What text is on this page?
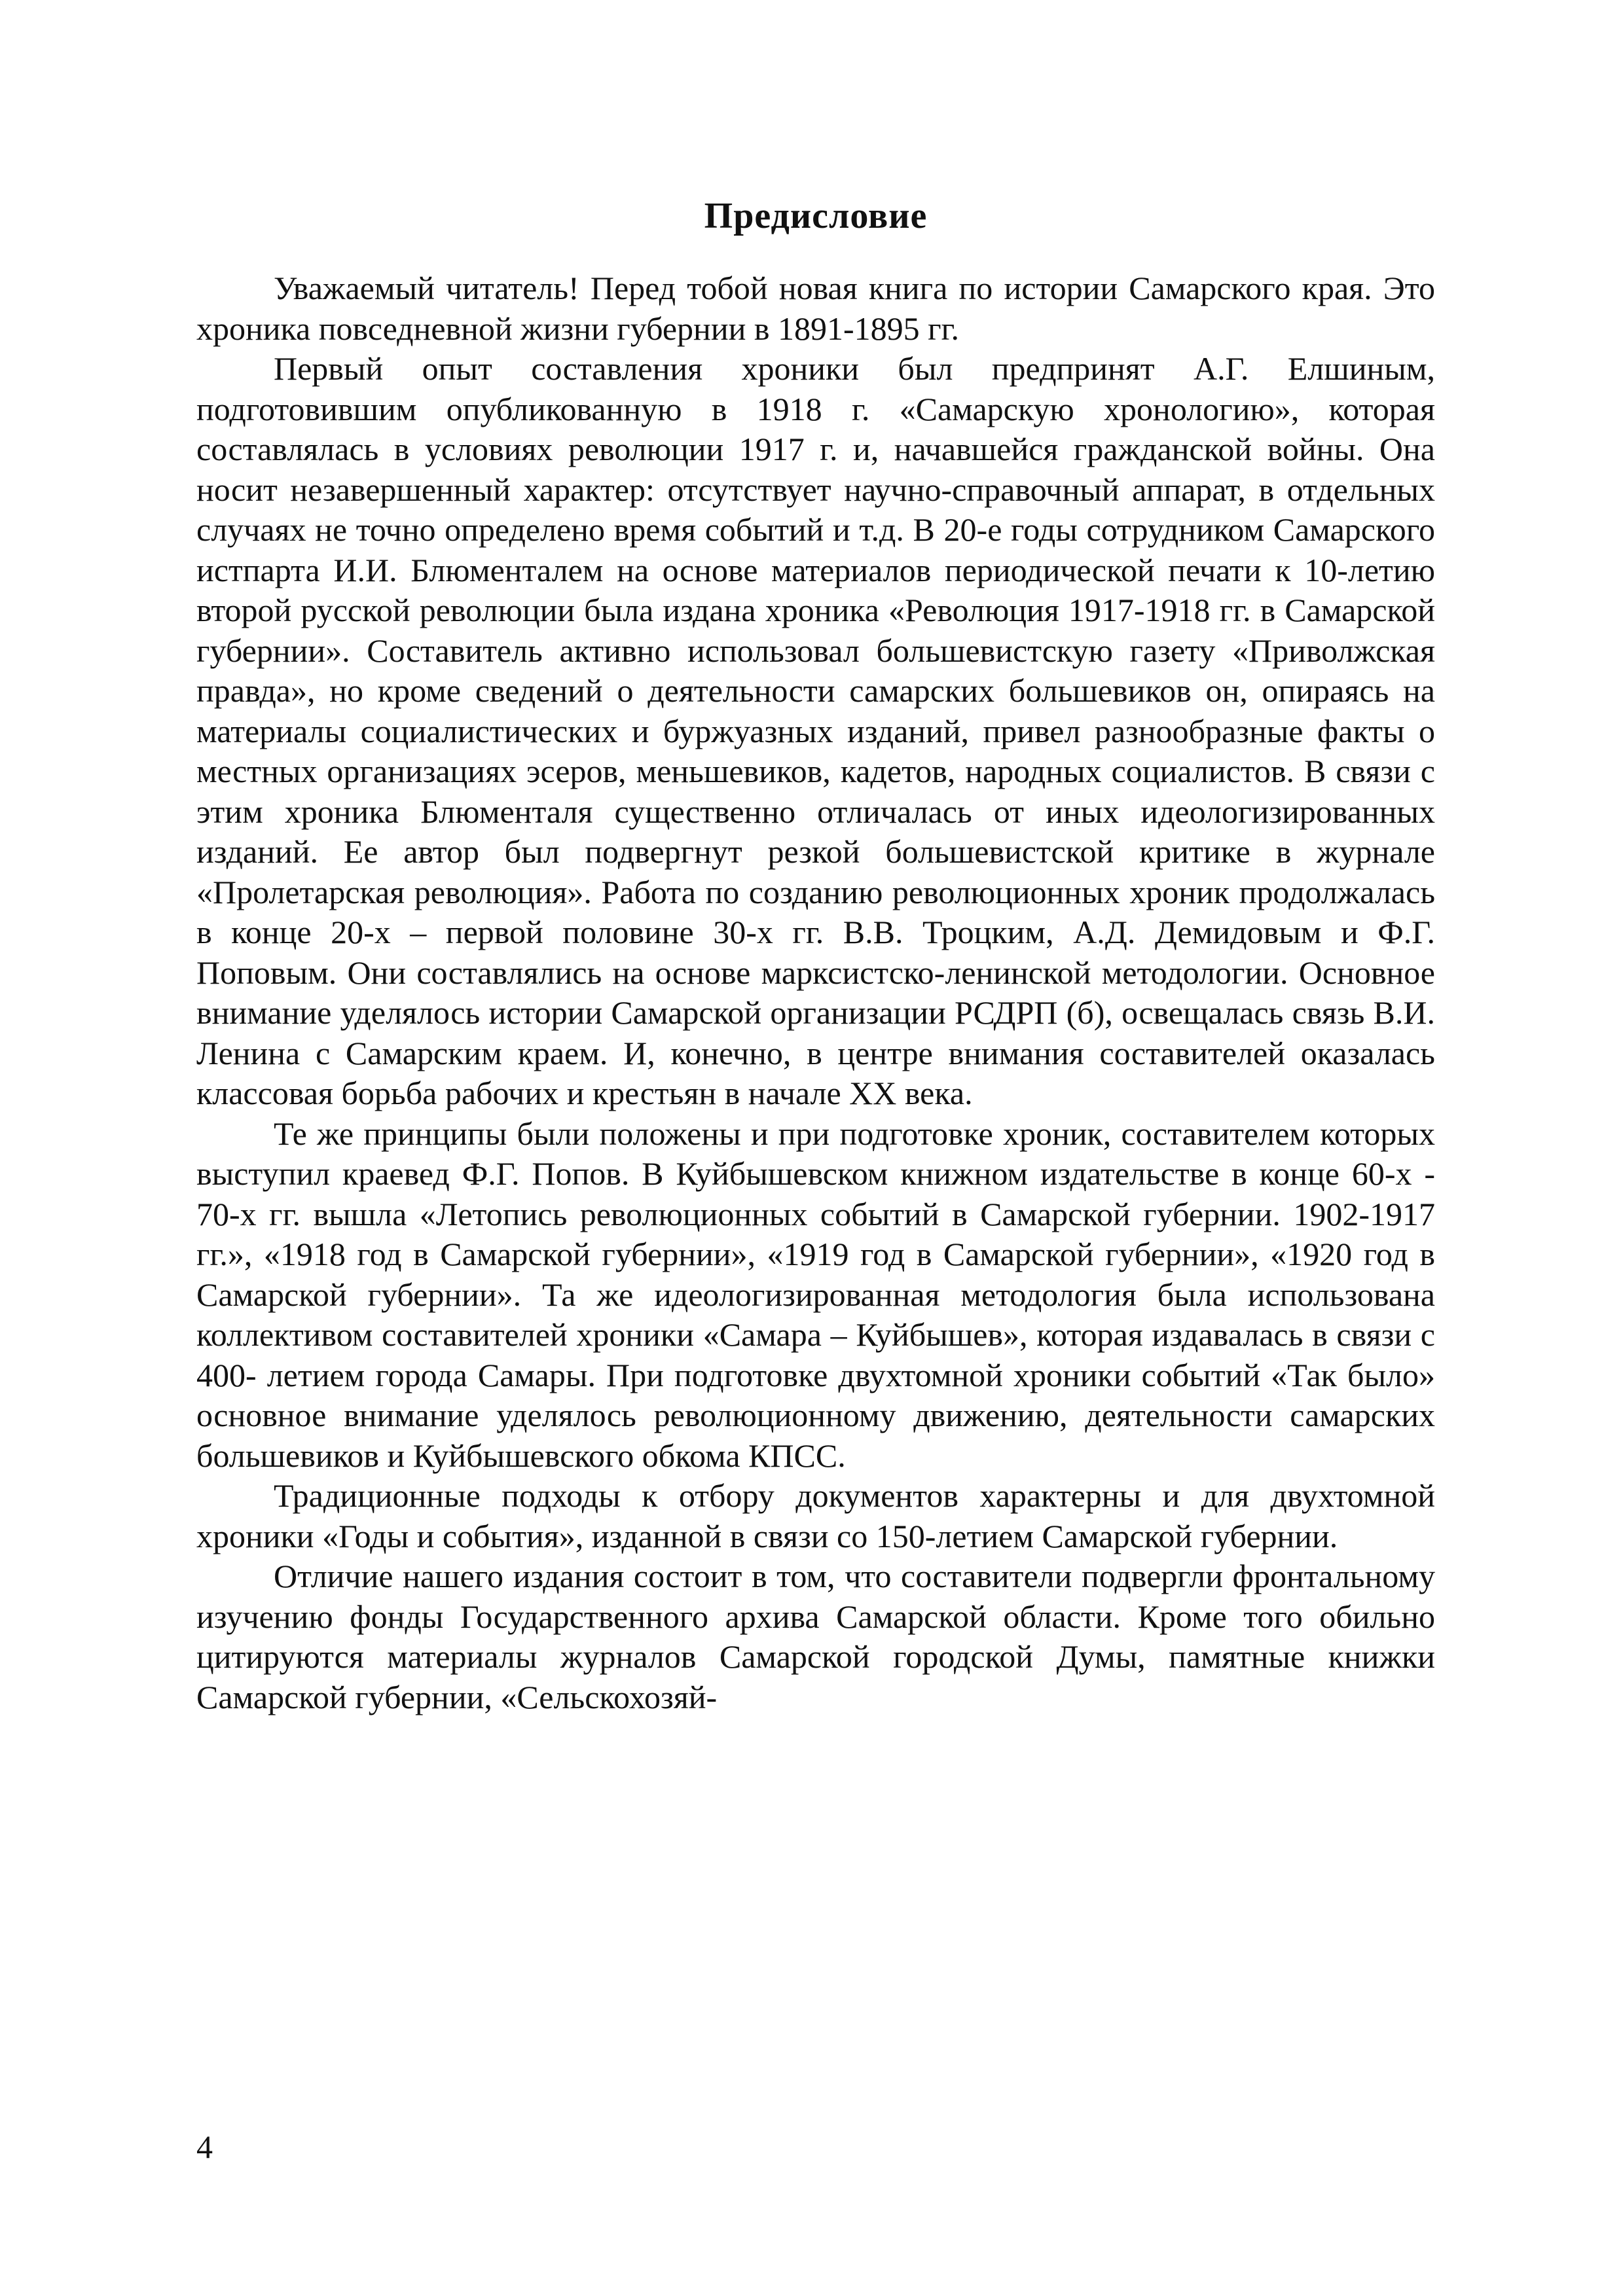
Предисловие

Уважаемый читатель! Перед тобой новая книга по истории Самарского края. Это хроника повседневной жизни губернии в 1891-1895 гг.

Первый опыт составления хроники был предпринят А.Г. Елшиным, подготовившим опубликованную в 1918 г. «Самарскую хронологию», которая составлялась в условиях революции 1917 г. и, начавшейся гражданской войны. Она носит незавершенный характер: отсутствует научно-справочный аппарат, в отдельных случаях не точно определено время событий и т.д. В 20-е годы сотрудником Самарского истпарта И.И. Блюменталем на основе материалов периодической печати к 10-летию второй русской революции была издана хроника «Революция 1917-1918 гг. в Самарской губернии». Составитель активно использовал большевистскую газету «Приволжская правда», но кроме сведений о деятельности самарских большевиков он, опираясь на материалы социалистических и буржуазных изданий, привел разнообразные факты о местных организациях эсеров, меньшевиков, кадетов, народных социалистов. В связи с этим хроника Блюменталя существенно отличалась от иных идеологизированных изданий. Ее автор был подвергнут резкой большевистской критике в журнале «Пролетарская революция». Работа по созданию революционных хроник продолжалась в конце 20-х – первой половине 30-х гг. В.В. Троцким, А.Д. Демидовым и Ф.Г. Поповым. Они составлялись на основе марксистско-ленинской методологии. Основное внимание уделялось истории Самарской организации РСДРП (б), освещалась связь В.И. Ленина с Самарским краем. И, конечно, в центре внимания составителей оказалась классовая борьба рабочих и крестьян в начале XX века.

Те же принципы были положены и при подготовке хроник, составителем которых выступил краевед Ф.Г. Попов. В Куйбышевском книжном издательстве в конце 60-х - 70-х гг. вышла «Летопись революционных событий в Самарской губернии. 1902-1917 гг.», «1918 год в Самарской губернии», «1919 год в Самарской губернии», «1920 год в Самарской губернии». Та же идеологизированная методология была использована коллективом составителей хроники «Самара – Куйбышев», которая издавалась в связи с 400- летием города Самары. При подготовке двухтомной хроники событий «Так было» основное внимание уделялось революционному движению, деятельности самарских большевиков и Куйбышевского обкома КПСС.

Традиционные подходы к отбору документов характерны и для двухтомной хроники «Годы и события», изданной в связи со 150-летием Самарской губернии.

Отличие нашего издания состоит в том, что составители подвергли фронтальному изучению фонды Государственного архива Самарской области. Кроме того обильно цитируются материалы журналов Самарской городской Думы, памятные книжки Самарской губернии, «Сельскохозяй-

4
